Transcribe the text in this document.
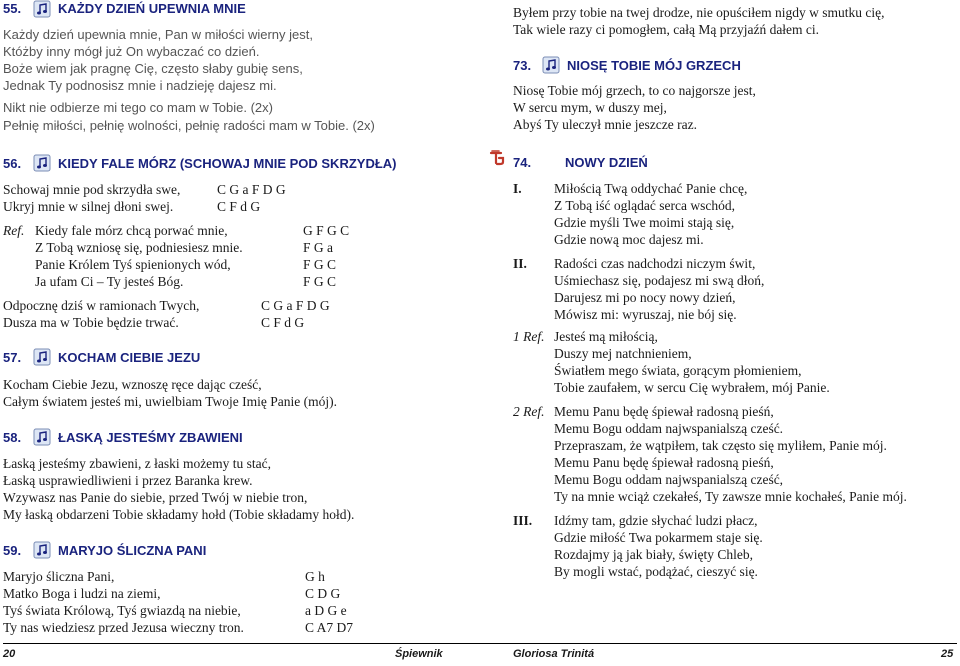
55.	KAŻDY DZIEŃ UPEWNIA MNIE
Każdy dzień upewnia mnie, Pan w miłości wierny jest,
Któżby inny mógł już On wybaczać co dzień.
Boże wiem jak pragnę Cię, często słaby gubię sens,
Jednak Ty podnosisz mnie i nadzieję dajesz mi.
Nikt nie odbierze mi tego co mam w Tobie. (2x)
Pełnię miłości, pełnię wolności, pełnię radości mam w Tobie. (2x)
56.	KIEDY FALE MÓRZ (SCHOWAJ MNIE POD SKRZYDŁA)
Schowaj mnie pod skrzydła swe,	C G a F D G
Ukryj mnie w silnej dłoni swej.	C F d G
Ref. Kiedy fale mórz chcą porwać mnie,	G F G C
Z Tobą wzniosę się, podniesiesz mnie.	F G a
Panie Królem Tyś spienionych wód,	F G C
Ja ufam Ci – Ty jesteś Bóg.	F G C
Odpocznę dziś w ramionach Twych,	C G a F D G
Dusza ma w Tobie będzie trwać.	C F d G
57.	KOCHAM CIEBIE JEZU
Kocham Ciebie Jezu, wznoszę ręce dając cześć,
Całym światem jesteś mi, uwielbiam Twoje Imię Panie (mój).
58.	ŁASKĄ JESTEŚMY ZBAWIENI
Łaską jesteśmy zbawieni, z łaski możemy tu stać,
Łaską usprawiedliwieni i przez Baranka krew.
Wzywasz nas Panie do siebie, przed Twój w niebie tron,
My łaską obdarzeni Tobie składamy hołd (Tobie składamy hołd).
59.	MARYJO ŚLICZNA PANI
Maryjo śliczna Pani,	G h
Matko Boga i ludzi na ziemi,	C D G
Tyś świata Królową, Tyś gwiazdą na niebie,	a D G e
Ty nas wiedziesz przed Jezusa wieczny tron.	C A7 D7
Byłem przy tobie na twej drodze, nie opuściłem nigdy w smutku cię,
Tak wiele razy ci pomogłem, całą Mą przyjaźń dałem ci.
73.	NIOSĘ TOBIE MÓJ GRZECH
Niosę Tobie mój grzech, to co najgorsze jest,
W sercu mym, w duszy mej,
Abyś Ty uleczył mnie jeszcze raz.
74.	NOWY DZIEŃ
I. Miłością Twą oddychać Panie chcę,
Z Tobą iść oglądać serca wschód,
Gdzie myśli Twe moimi stają się,
Gdzie nową moc dajesz mi.
II. Radości czas nadchodzi niczym świt,
Uśmiechasz się, podajesz mi swą dłoń,
Darujesz mi po nocy nowy dzień,
Mówisz mi: wyruszaj, nie bój się.
1 Ref. Jesteś mą miłością,
Duszy mej natchnieniem,
Światłem mego świata, gorącym płomieniem,
Tobie zaufałem, w sercu Cię wybrałem, mój Panie.
2 Ref. Memu Panu będę śpiewał radosną pieśń,
Memu Bogu oddam najwspanialszą cześć.
Przepraszam, że wątpiłem, tak często się myliłem, Panie mój.
Memu Panu będę śpiewał radosną pieśń,
Memu Bogu oddam najwspanialszą cześć,
Ty na mnie wciąż czekałeś, Ty zawsze mnie kochałeś, Panie mój.
III. Idźmy tam, gdzie słychać ludzi płacz,
Gdzie miłość Twa pokarmem staje się.
Rozdajmy ją jak biały, święty Chleb,
By mogli wstać, podążać, cieszyć się.
20	Śpiewnik	Gloriosa Trinitá	25
